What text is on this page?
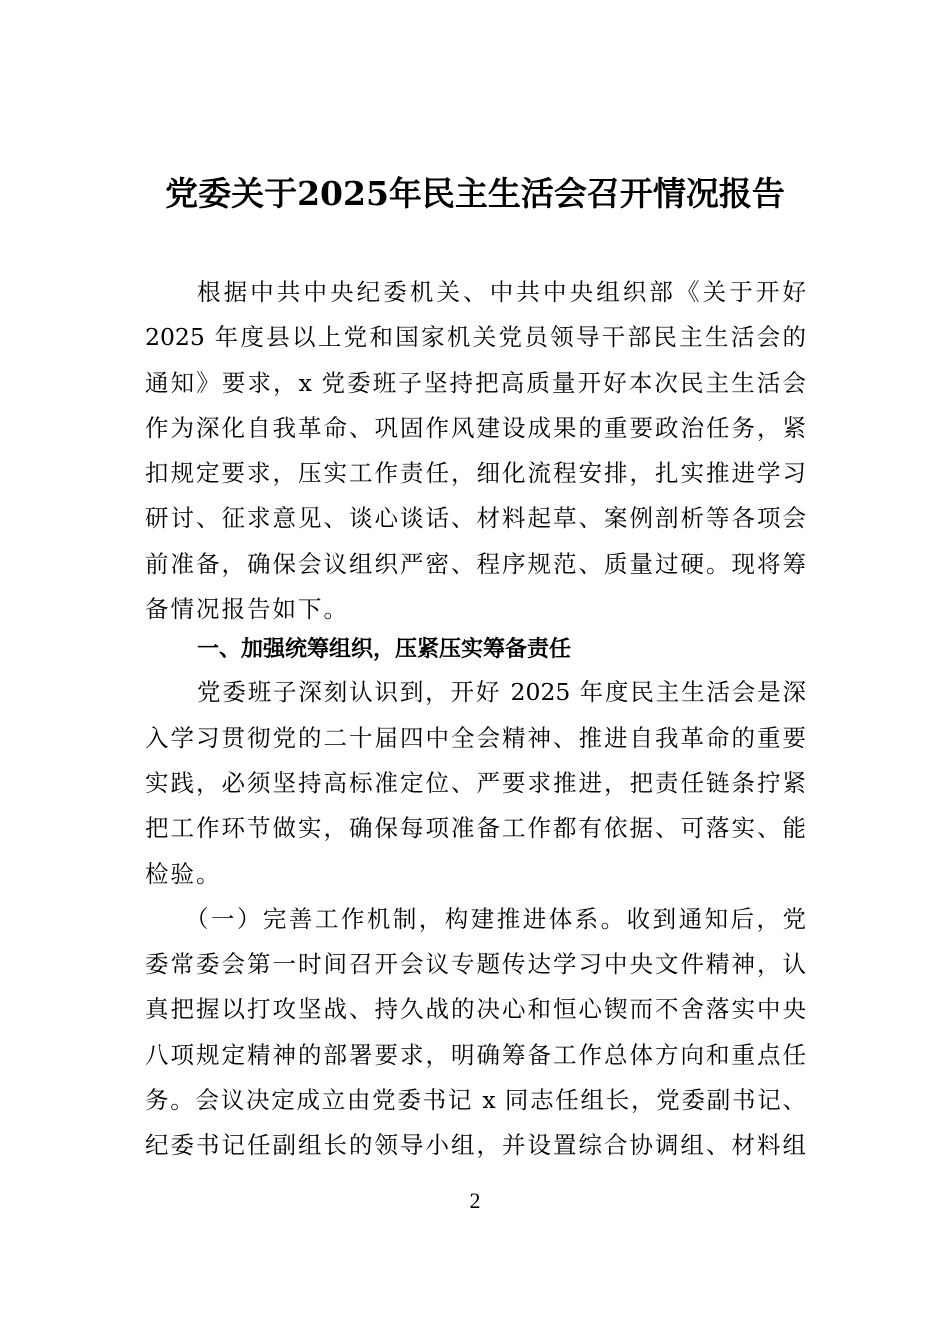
党委关于2025年民主生活会召开情况报告
根据中共中央纪委机关、中共中央组织部《关于开好
2025 年度县以上党和国家机关党员领导干部民主生活会的
通知》要求，x 党委班子坚持把高质量开好本次民主生活会
作为深化自我革命、巩固作风建设成果的重要政治任务，紧
扣规定要求，压实工作责任，细化流程安排，扎实推进学习
研讨、征求意见、谈心谈话、材料起草、案例剖析等各项会
前准备，确保会议组织严密、程序规范、质量过硬。现将筹
备情况报告如下。
一、加强统筹组织，压紧压实筹备责任
党委班子深刻认识到，开好 2025 年度民主生活会是深
入学习贯彻党的二十届四中全会精神、推进自我革命的重要
实践，必须坚持高标准定位、严要求推进，把责任链条拧紧
把工作环节做实，确保每项准备工作都有依据、可落实、能
检验。
（一）完善工作机制，构建推进体系。收到通知后，党
委常委会第一时间召开会议专题传达学习中央文件精神，认
真把握以打攻坚战、持久战的决心和恒心锲而不舍落实中央
八项规定精神的部署要求，明确筹备工作总体方向和重点任
务。会议决定成立由党委书记 x 同志任组长，党委副书记、
纪委书记任副组长的领导小组，并设置综合协调组、材料组
2
